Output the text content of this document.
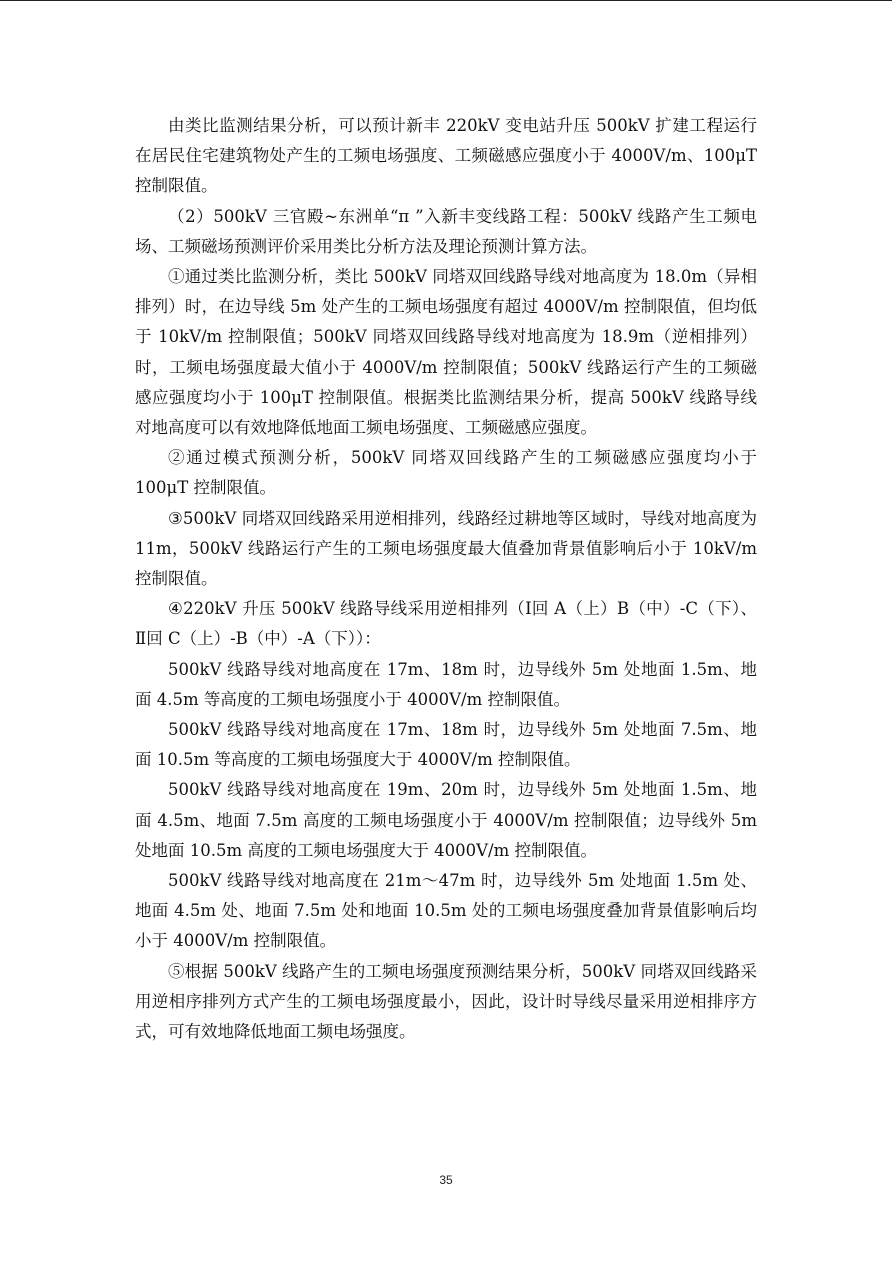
由类比监测结果分析，可以预计新丰 220kV 变电站升压 500kV 扩建工程运行在居民住宅建筑物处产生的工频电场强度、工频磁感应强度小于 4000V/m、100μT 控制限值。

（2）500kV 三官殿~东洲单“π ”入新丰变线路工程：500kV 线路产生工频电场、工频磁场预测评价采用类比分析方法及理论预测计算方法。

①通过类比监测分析，类比 500kV 同塔双回线路导线对地高度为 18.0m（异相排列）时，在边导线 5m 处产生的工频电场强度有超过 4000V/m 控制限值，但均低于 10kV/m 控制限值；500kV 同塔双回线路导线对地高度为 18.9m（逆相排列）时，工频电场强度最大值小于 4000V/m 控制限值；500kV 线路运行产生的工频磁感应强度均小于 100μT 控制限值。根据类比监测结果分析，提高 500kV 线路导线对地高度可以有效地降低地面工频电场强度、工频磁感应强度。

②通过模式预测分析，500kV 同塔双回线路产生的工频磁感应强度均小于 100μT 控制限值。

③500kV 同塔双回线路采用逆相排列，线路经过耕地等区域时，导线对地高度为 11m，500kV 线路运行产生的工频电场强度最大值叠加背景值影响后小于 10kV/m 控制限值。

④220kV 升压 500kV 线路导线采用逆相排列（Ⅰ回 A（上）B（中）-C（下）、Ⅱ回 C（上）-B（中）-A（下））：

500kV 线路导线对地高度在 17m、18m 时，边导线外 5m 处地面 1.5m、地面 4.5m 等高度的工频电场强度小于 4000V/m 控制限值。

500kV 线路导线对地高度在 17m、18m 时，边导线外 5m 处地面 7.5m、地面 10.5m 等高度的工频电场强度大于 4000V/m 控制限值。

500kV 线路导线对地高度在 19m、20m 时，边导线外 5m 处地面 1.5m、地面 4.5m、地面 7.5m 高度的工频电场强度小于 4000V/m 控制限值；边导线外 5m 处地面 10.5m 高度的工频电场强度大于 4000V/m 控制限值。

500kV 线路导线对地高度在 21m～47m 时，边导线外 5m 处地面 1.5m 处、地面 4.5m 处、地面 7.5m 处和地面 10.5m 处的工频电场强度叠加背景值影响后均小于 4000V/m 控制限值。

⑤根据 500kV 线路产生的工频电场强度预测结果分析，500kV 同塔双回线路采用逆相序排列方式产生的工频电场强度最小，因此，设计时导线尽量采用逆相排序方式，可有效地降低地面工频电场强度。

35
